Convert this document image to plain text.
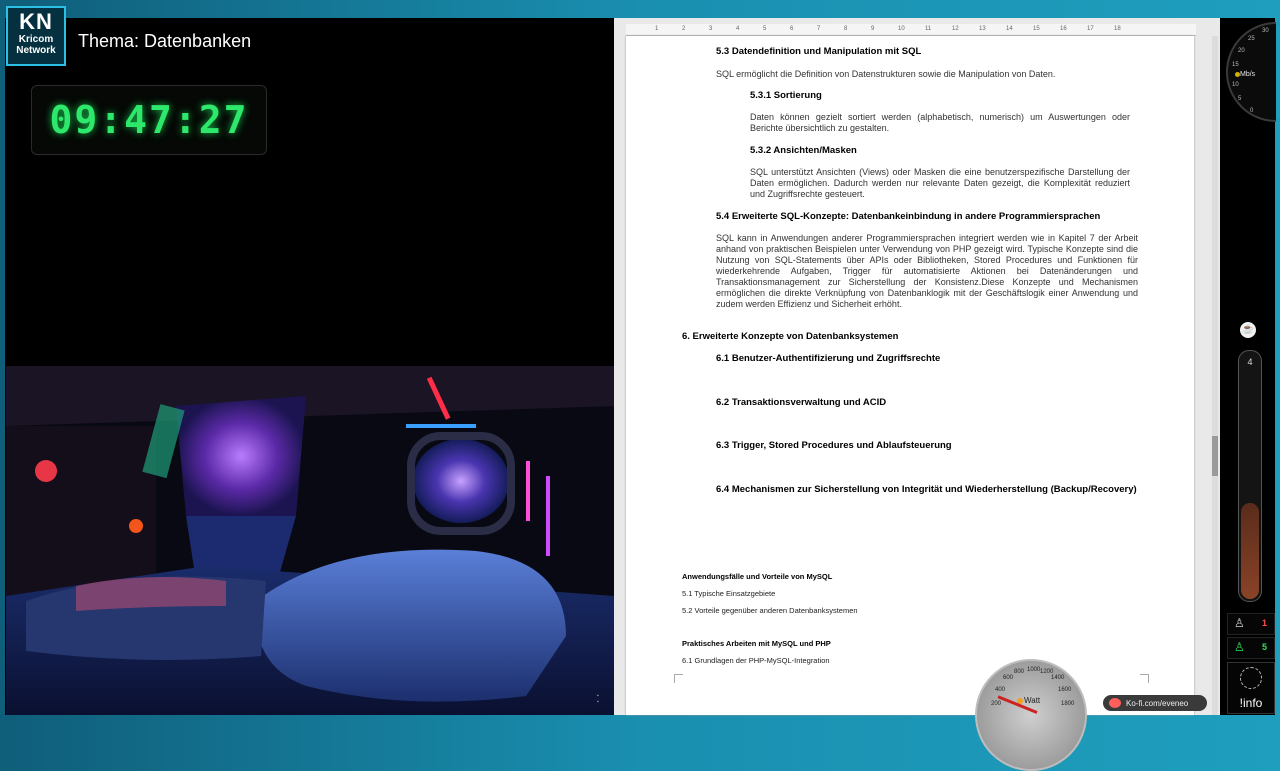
KN
Kricom
Network	Thema: Datenbanken
09:47:27
▪
▪
1	2	3	4	5	6	7	8	9	10	11	12	13	14	15	16	17	18
5.3 Datendefinition und Manipulation mit SQL
SQL ermöglicht die Definition von Datenstrukturen sowie die Manipulation von Daten.
5.3.1 Sortierung
Daten können gezielt sortiert werden (alphabetisch, numerisch) um Auswertungen oder Berichte übersichtlich zu gestalten.
5.3.2 Ansichten/Masken
SQL unterstützt Ansichten (Views) oder Masken die eine benutzerspezifische Darstellung der Daten ermöglichen. Dadurch werden nur relevante Daten gezeigt, die Komplexität reduziert und Zugriffsrechte gesteuert.
5.4 Erweiterte SQL-Konzepte: Datenbankeinbindung in andere Programmiersprachen
SQL kann in Anwendungen anderer Programmiersprachen integriert werden wie in Kapitel 7 der Arbeit anhand von praktischen Beispielen unter Verwendung von PHP gezeigt wird. Typische Konzepte sind die Nutzung von SQL-Statements über APIs oder Bibliotheken, Stored Procedures und Funktionen für wiederkehrende Aufgaben, Trigger für automatisierte Aktionen bei Datenänderungen und Transaktionsmanagement zur Sicherstellung der Konsistenz.Diese Konzepte und Mechanismen ermöglichen die direkte Verknüpfung von Datenbanklogik mit der Geschäftslogik einer Anwendung und zudem werden Effizienz und Sicherheit erhöht.
6. Erweiterte Konzepte von Datenbanksystemen
6.1 Benutzer-Authentifizierung und Zugriffsrechte
6.2 Transaktionsverwaltung und ACID
6.3 Trigger, Stored Procedures und Ablaufsteuerung
6.4 Mechanismen zur Sicherstellung von Integrität und Wiederherstellung (Backup/Recovery)
Anwendungsfälle und Vorteile von MySQL
5.1 Typische Einsatzgebiete
5.2 Vorteile gegenüber anderen Datenbanksystemen
Praktisches Arbeiten mit MySQL und PHP
6.1 Grundlagen der PHP-MySQL-Integration
200
400
600
800 1000 1200
1400
1600
1800
Watt	Ko-fi.com/eveneo
30
25
20
15
10
5
0
Mb/s
☕
4
♙ 1
♙ 5
!info
